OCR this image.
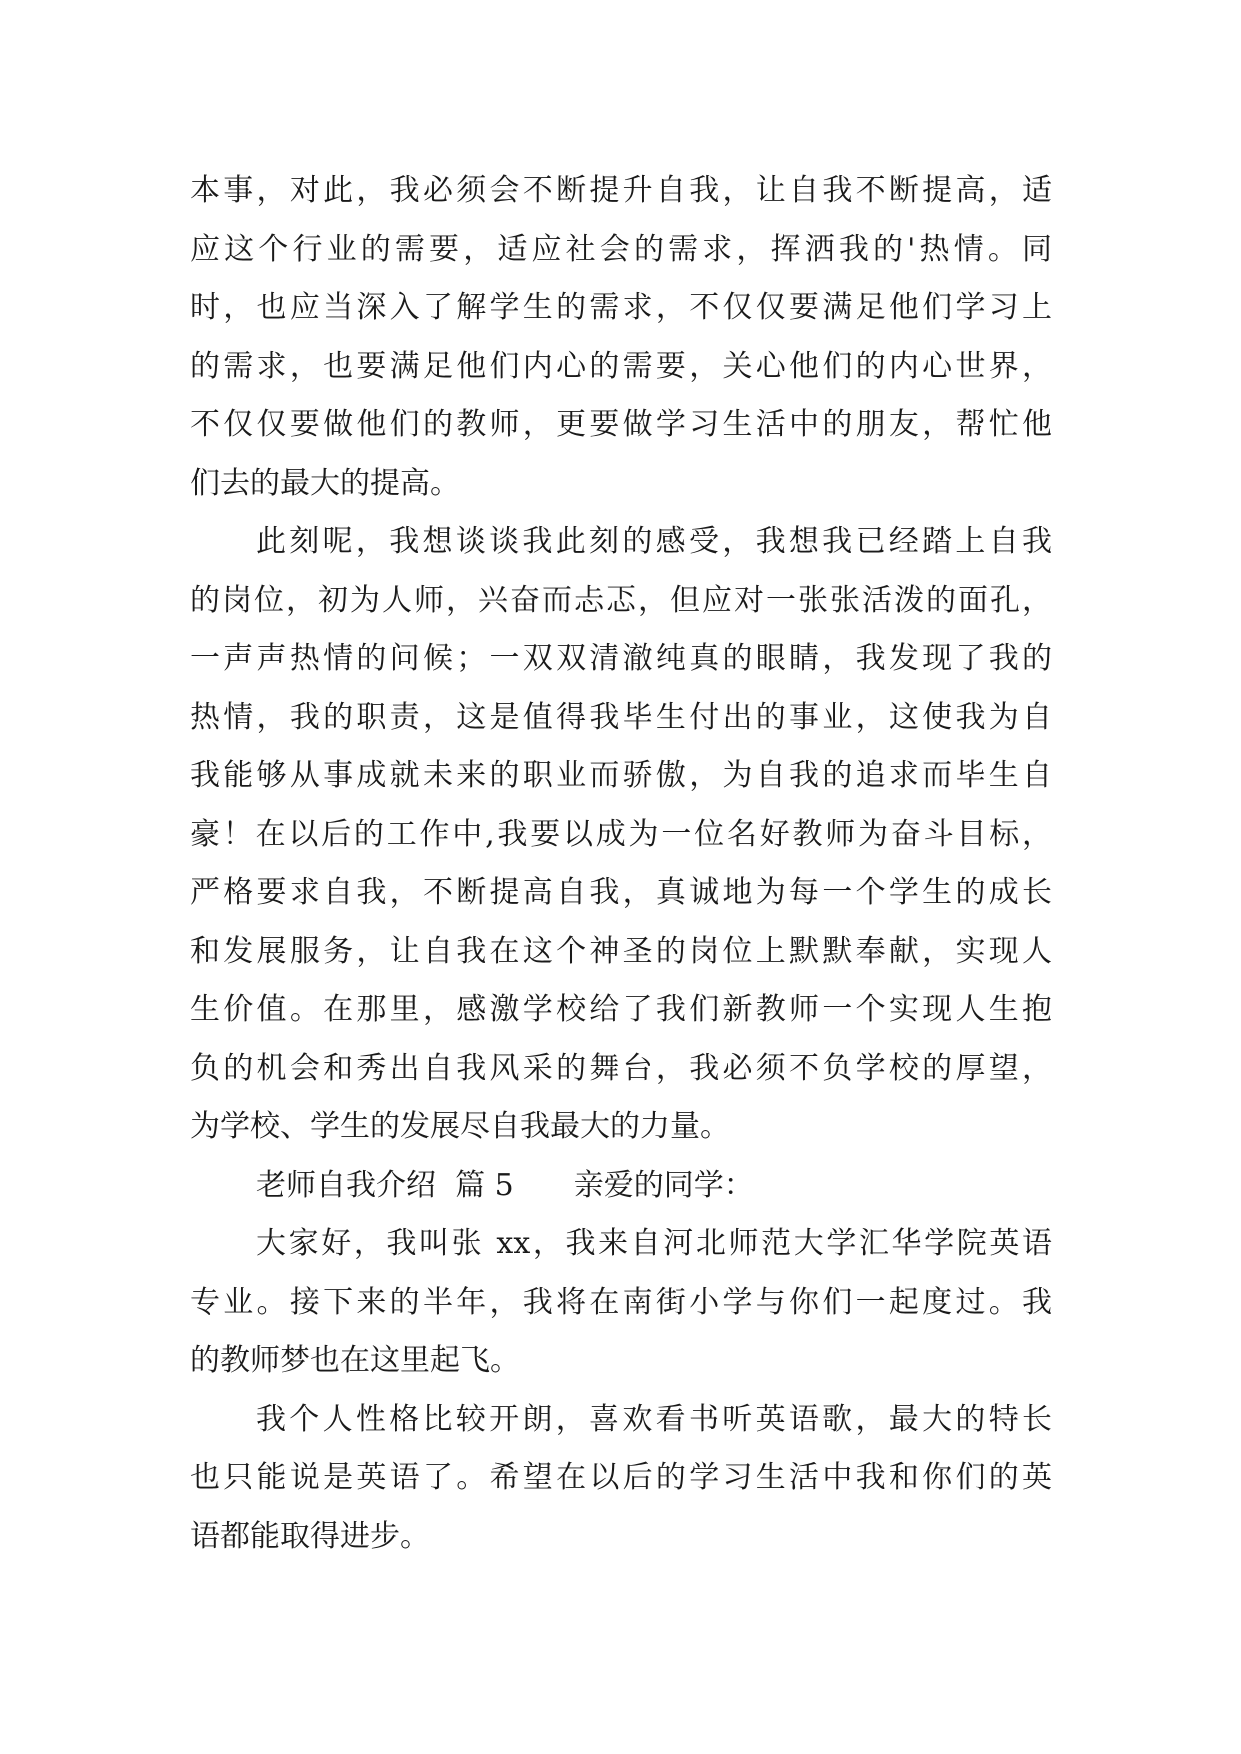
本事，对此，我必须会不断提升自我，让自我不断提高，适
应这个行业的需要，适应社会的需求，挥洒我的'热情。同
时，也应当深入了解学生的需求，不仅仅要满足他们学习上
的需求，也要满足他们内心的需要，关心他们的内心世界，
不仅仅要做他们的教师，更要做学习生活中的朋友，帮忙他
们去的最大的提高。
此刻呢，我想谈谈我此刻的感受，我想我已经踏上自我
的岗位，初为人师，兴奋而忐忑，但应对一张张活泼的面孔，
一声声热情的问候；一双双清澈纯真的眼睛，我发现了我的
热情，我的职责，这是值得我毕生付出的事业，这使我为自
我能够从事成就未来的职业而骄傲，为自我的追求而毕生自
豪！在以后的工作中,我要以成为一位名好教师为奋斗目标，
严格要求自我，不断提高自我，真诚地为每一个学生的成长
和发展服务，让自我在这个神圣的岗位上默默奉献，实现人
生价值。在那里，感激学校给了我们新教师一个实现人生抱
负的机会和秀出自我风采的舞台，我必须不负学校的厚望，
为学校、学生的发展尽自我最大的力量。
老师自我介绍  篇 5 亲爱的同学：
大家好，我叫张 xx，我来自河北师范大学汇华学院英语
专业。接下来的半年，我将在南街小学与你们一起度过。我
的教师梦也在这里起飞。
我个人性格比较开朗，喜欢看书听英语歌，最大的特长
也只能说是英语了。希望在以后的学习生活中我和你们的英
语都能取得进步。
